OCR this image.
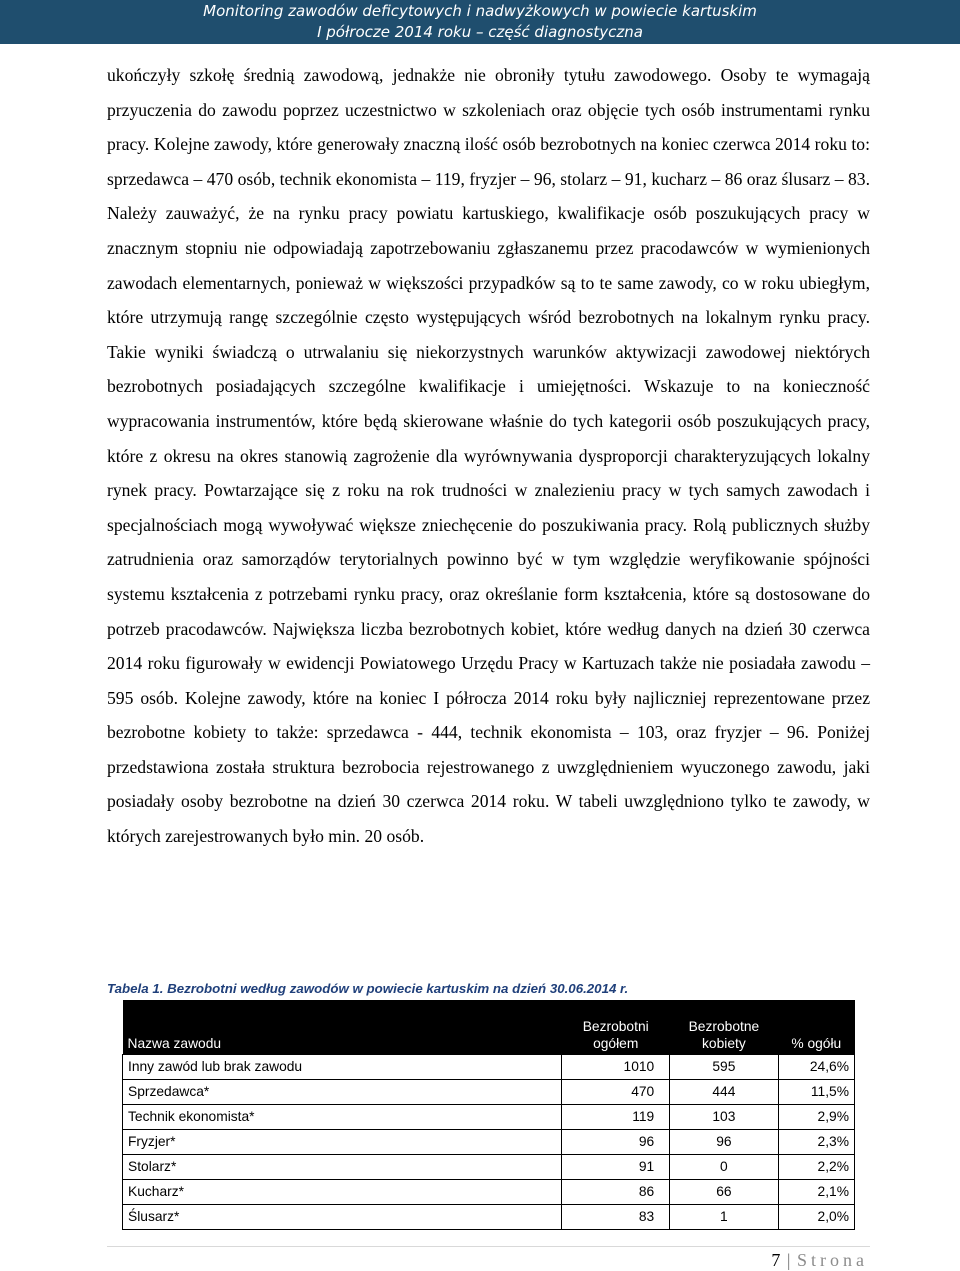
Monitoring zawodów deficytowych i nadwyżkowych w powiecie kartuskim
I półrocze 2014 roku – część diagnostyczna

ukończyły szkołę średnią zawodową, jednakże nie obroniły tytułu zawodowego. Osoby te wymagają przyuczenia do zawodu poprzez uczestnictwo w szkoleniach oraz objęcie tych osób instrumentami rynku pracy. Kolejne zawody, które generowały znaczną ilość osób bezrobotnych na koniec czerwca 2014 roku to: sprzedawca – 470 osób, technik ekonomista – 119, fryzjer – 96, stolarz – 91, kucharz – 86 oraz ślusarz – 83. Należy zauważyć, że na rynku pracy powiatu kartuskiego, kwalifikacje osób poszukujących pracy w znacznym stopniu nie odpowiadają zapotrzebowaniu zgłaszanemu przez pracodawców w wymienionych zawodach elementarnych, ponieważ w większości przypadków są to te same zawody, co w roku ubiegłym, które utrzymują rangę szczególnie często występujących wśród bezrobotnych na lokalnym rynku pracy. Takie wyniki świadczą o utrwalaniu się niekorzystnych warunków aktywizacji zawodowej niektórych bezrobotnych posiadających szczególne kwalifikacje i umiejętności. Wskazuje to na konieczność wypracowania instrumentów, które będą skierowane właśnie do tych kategorii osób poszukujących pracy, które z okresu na okres stanowią zagrożenie dla wyrównywania dysproporcji charakteryzujących lokalny rynek pracy. Powtarzające się z roku na rok trudności w znalezieniu pracy w tych samych zawodach i specjalnościach mogą wywoływać większe zniechęcenie do poszukiwania pracy. Rolą publicznych służby zatrudnienia oraz samorządów terytorialnych powinno być w tym względzie weryfikowanie spójności systemu kształcenia z potrzebami rynku pracy, oraz określanie form kształcenia, które są dostosowane do potrzeb pracodawców. Największa liczba bezrobotnych kobiet, które według danych na dzień 30 czerwca 2014 roku figurowały w ewidencji Powiatowego Urzędu Pracy w Kartuzach także nie posiadała zawodu – 595 osób. Kolejne zawody, które na koniec I półrocza 2014 roku były najliczniej reprezentowane przez bezrobotne kobiety to także: sprzedawca - 444, technik ekonomista – 103, oraz fryzjer – 96. Poniżej przedstawiona została struktura bezrobocia rejestrowanego z uwzględnieniem wyuczonego zawodu, jaki posiadały osoby bezrobotne na dzień 30 czerwca 2014 roku. W tabeli uwzględniono tylko te zawody, w których zarejestrowanych było min. 20 osób.

Tabela 1. Bezrobotni według zawodów w powiecie kartuskim na dzień 30.06.2014 r.
Nazwa zawodu	Bezrobotni ogółem	Bezrobotne kobiety	% ogółu
Inny zawód lub brak zawodu	1010	595	24,6%
Sprzedawca*	470	444	11,5%
Technik ekonomista*	119	103	2,9%
Fryzjer*	96	96	2,3%
Stolarz*	91	0	2,2%
Kucharz*	86	66	2,1%
Ślusarz*	83	1	2,0%
7 | Strona
